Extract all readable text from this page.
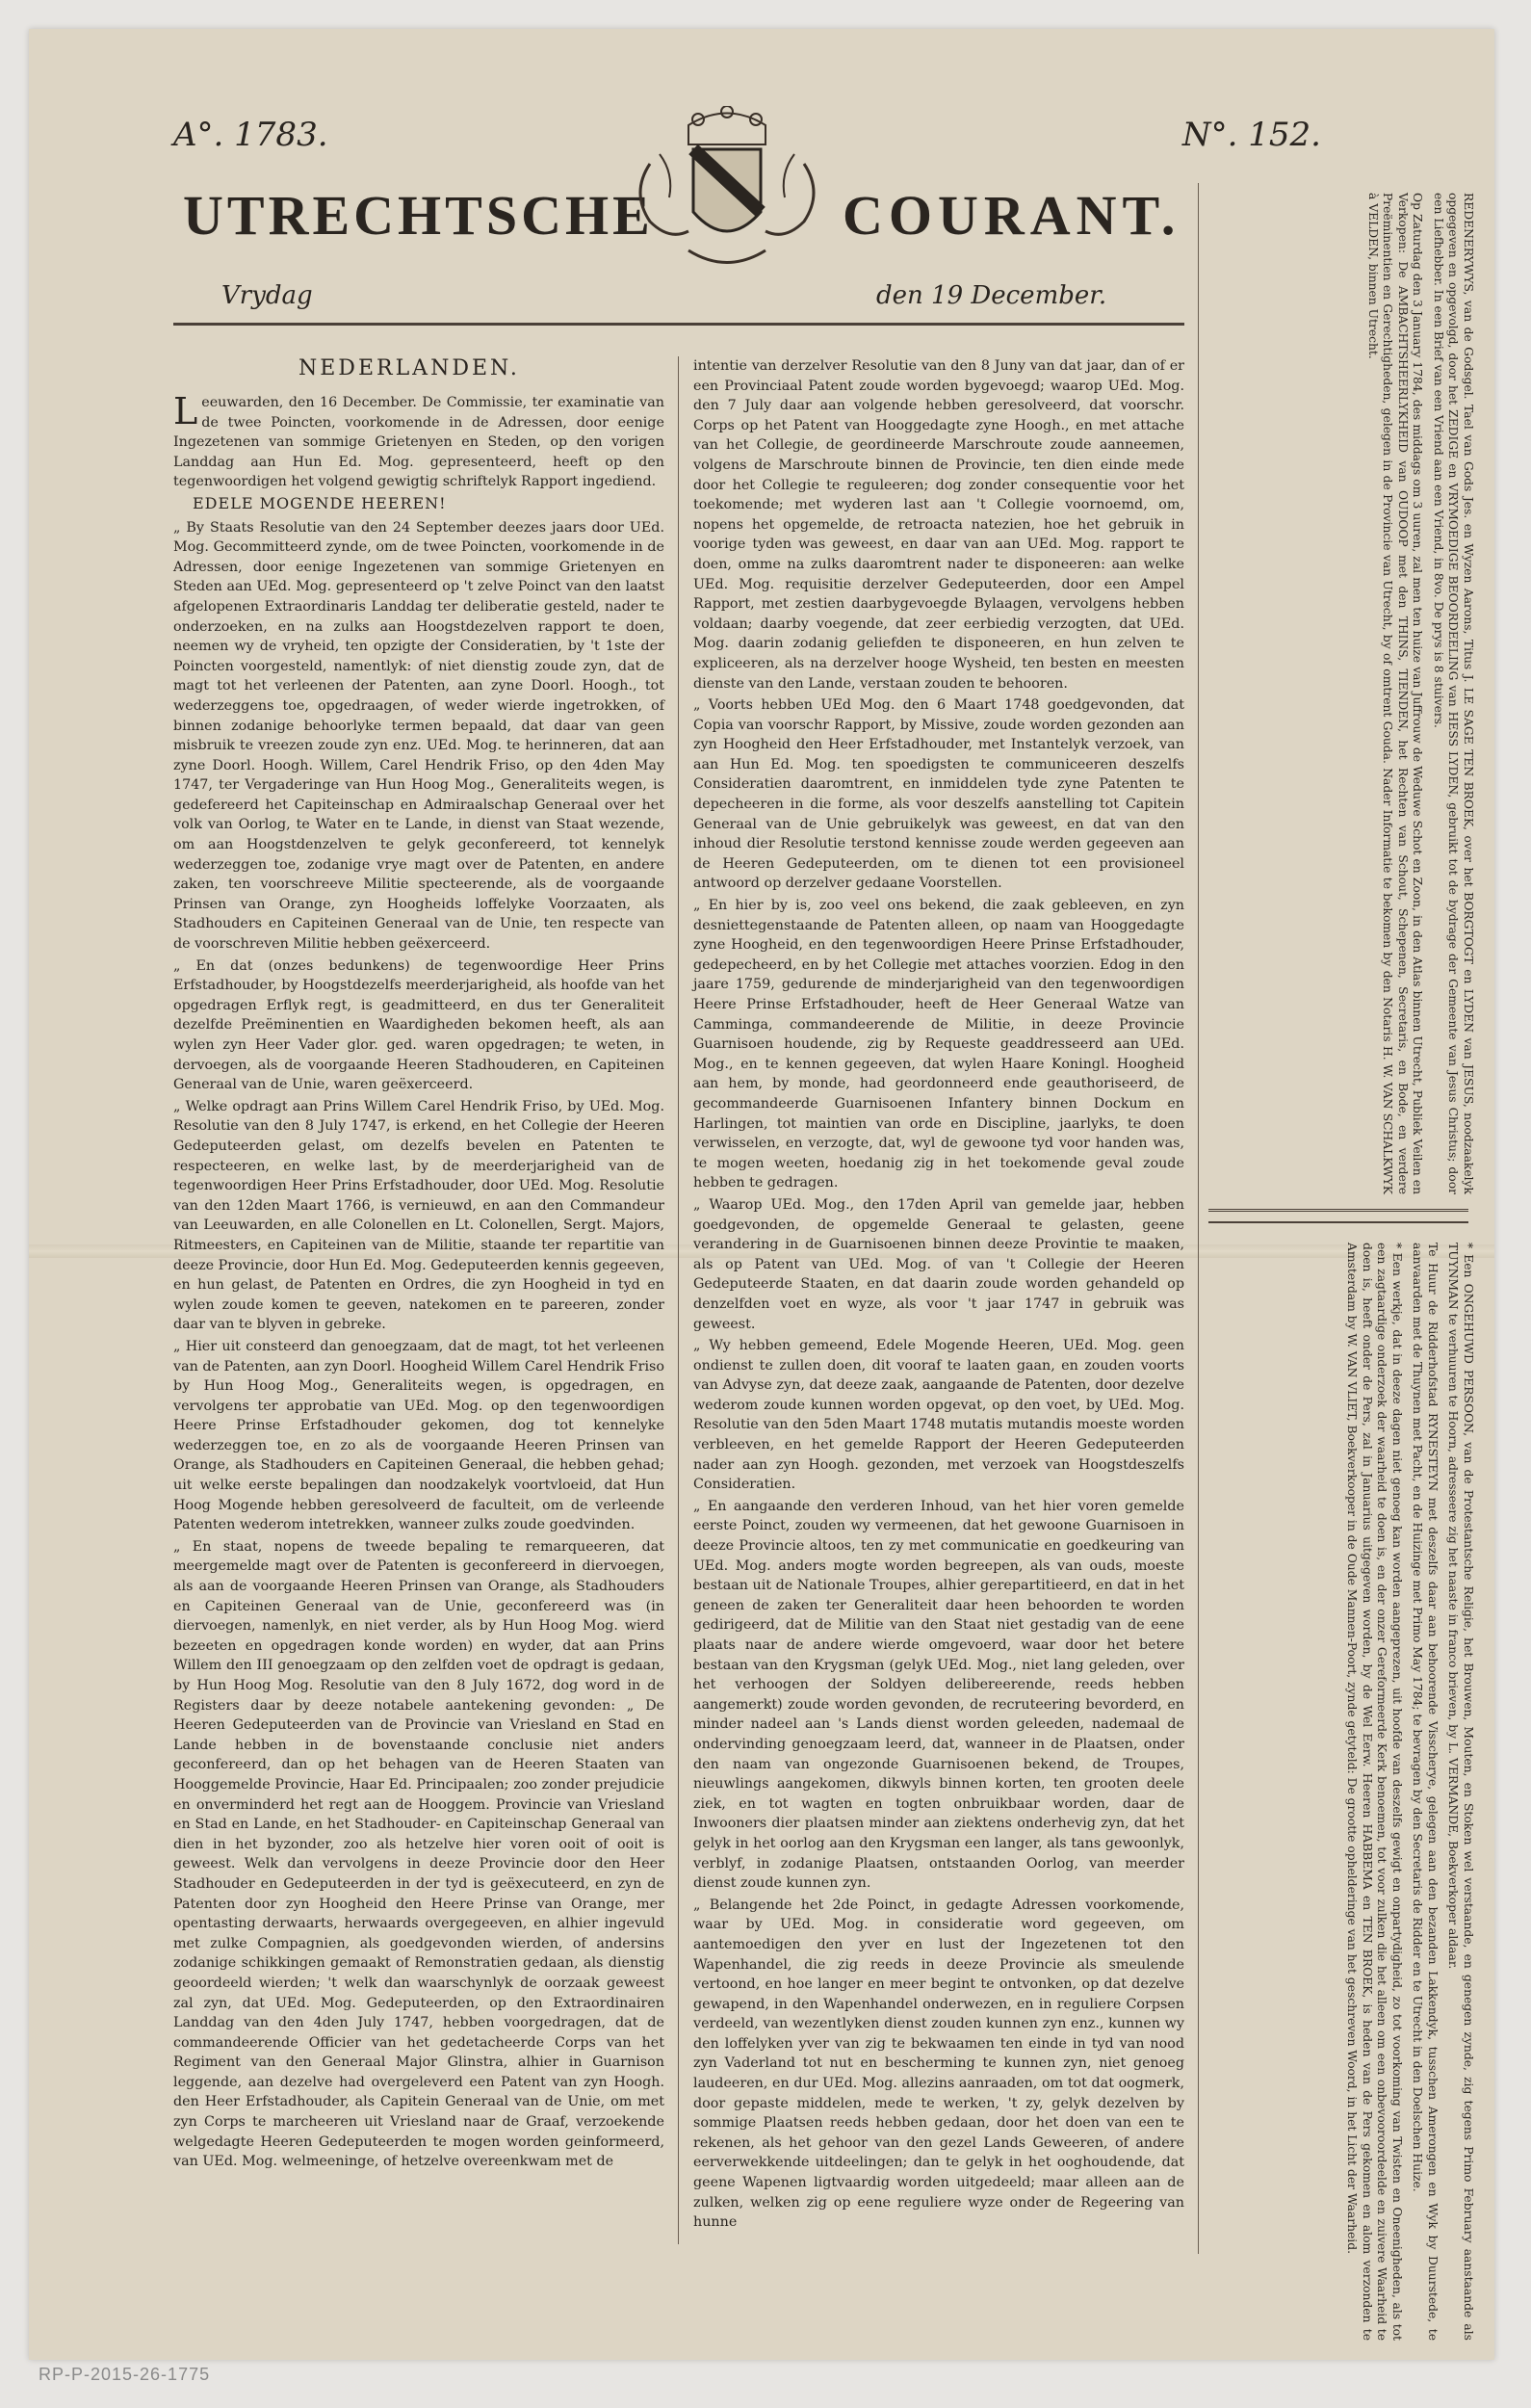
A°. 1783.	N°. 152.
UTRECHTSCHE	COURANT.
Vrydag	den 19 December.
NEDERLANDEN.

Leeuwarden, den 16 December. De Commissie, ter examinatie van de twee Poincten, voorkomende in de Adressen, door eenige Ingezetenen van sommige Grietenyen en Steden, op den vorigen Landdag aan Hun Ed. Mog. gepresenteerd, heeft op den tegenwoordigen het volgend gewigtig schriftelyk Rapport ingediend.

EDELE MOGENDE HEEREN!

„ By Staats Resolutie van den 24 September deezes jaars door UEd. Mog. Gecommitteerd zynde, om de twee Poincten, voorkomende in de Adressen, door eenige Ingezetenen van sommige Grietenyen en Steden aan UEd. Mog. gepresenteerd op 't zelve Poinct van den laatst afgelopenen Extraordinaris Landdag ter deliberatie gesteld, nader te onderzoeken, en na zulks aan Hoogstdezelven rapport te doen, neemen wy de vryheid, ten opzigte der Consideratien, by 't 1ste der Poincten voorgesteld, namentlyk: of niet dienstig zoude zyn, dat de magt tot het verleenen der Patenten, aan zyne Doorl. Hoogh., tot wederzeggens toe, opgedraagen, of weder wierde ingetrokken, of binnen zodanige behoorlyke termen bepaald, dat daar van geen misbruik te vreezen zoude zyn enz. UEd. Mog. te herinneren, dat aan zyne Doorl. Hoogh. Willem, Carel Hendrik Friso, op den 4den May 1747, ter Vergaderinge van Hun Hoog Mog., Generaliteits wegen, is gedefereerd het Capiteinschap en Admiraalschap Generaal over het volk van Oorlog, te Water en te Lande, in dienst van Staat wezende, om aan Hoogstdenzelven te gelyk geconfereerd, tot kennelyk wederzeggen toe, zodanige vrye magt over de Patenten, en andere zaken, ten voorschreeve Militie specteerende, als de voorgaande Prinsen van Orange, zyn Hoogheids loffelyke Voorzaaten, als Stadhouders en Capiteinen Generaal van de Unie, ten respecte van de voorschreven Militie hebben geëxerceerd.

„ En dat (onzes bedunkens) de tegenwoordige Heer Prins Erfstadhouder, by Hoogstdezelfs meerderjarigheid, als hoofde van het opgedragen Erflyk regt, is geadmitteerd, en dus ter Generaliteit dezelfde Preëminentien en Waardigheden bekomen heeft, als aan wylen zyn Heer Vader glor. ged. waren opgedragen; te weten, in dervoegen, als de voorgaande Heeren Stadhouderen, en Capiteinen Generaal van de Unie, waren geëxerceerd.

„ Welke opdragt aan Prins Willem Carel Hendrik Friso, by UEd. Mog. Resolutie van den 8 July 1747, is erkend, en het Collegie der Heeren Gedeputeerden gelast, om dezelfs bevelen en Patenten te respecteeren, en welke last, by de meerderjarigheid van de tegenwoordigen Heer Prins Erfstadhouder, door UEd. Mog. Resolutie van den 12den Maart 1766, is vernieuwd, en aan den Commandeur van Leeuwarden, en alle Colonellen en Lt. Colonellen, Sergt. Majors, Ritmeesters, en Capiteinen van de Militie, staande ter repartitie van deeze Provincie, door Hun Ed. Mog. Gedeputeerden kennis gegeeven, en hun gelast, de Patenten en Ordres, die zyn Hoogheid in tyd en wylen zoude komen te geeven, natekomen en te pareeren, zonder daar van te blyven in gebreke.

„ Hier uit consteerd dan genoegzaam, dat de magt, tot het verleenen van de Patenten, aan zyn Doorl. Hoogheid Willem Carel Hendrik Friso by Hun Hoog Mog., Generaliteits wegen, is opgedragen, en vervolgens ter approbatie van UEd. Mog. op den tegenwoordigen Heere Prinse Erfstadhouder gekomen, dog tot kennelyke wederzeggen toe, en zo als de voorgaande Heeren Prinsen van Orange, als Stadhouders en Capiteinen Generaal, die hebben gehad; uit welke eerste bepalingen dan noodzakelyk voortvloeid, dat Hun Hoog Mogende hebben geresolveerd de faculteit, om de verleende Patenten wederom intetrekken, wanneer zulks zoude goedvinden.

„ En staat, nopens de tweede bepaling te remarqueeren, dat meergemelde magt over de Patenten is geconfereerd in diervoegen, als aan de voorgaande Heeren Prinsen van Orange, als Stadhouders en Capiteinen Generaal van de Unie, geconfereerd was (in diervoegen, namenlyk, en niet verder, als by Hun Hoog Mog. wierd bezeeten en opgedragen konde worden) en wyder, dat aan Prins Willem den III genoegzaam op den zelfden voet de opdragt is gedaan, by Hun Hoog Mog. Resolutie van den 8 July 1672, dog word in de Registers daar by deeze notabele aantekening gevonden: „ De Heeren Gedeputeerden van de Provincie van Vriesland en Stad en Lande hebben in de bovenstaande conclusie niet anders geconfereerd, dan op het behagen van de Heeren Staaten van Hooggemelde Provincie, Haar Ed. Principaalen; zoo zonder prejudicie en onverminderd het regt aan de Hooggem. Provincie van Vriesland en Stad en Lande, en het Stadhouder- en Capiteinschap Generaal van dien in het byzonder, zoo als hetzelve hier voren ooit of ooit is geweest. Welk dan vervolgens in deeze Provincie door den Heer Stadhouder en Gedeputeerden in der tyd is geëxecuteerd, en zyn de Patenten door zyn Hoogheid den Heere Prinse van Orange, mer opentasting derwaarts, herwaards overgegeeven, en alhier ingevuld met zulke Compagnien, als goedgevonden wierden, of andersins zodanige schikkingen gemaakt of Remonstratien gedaan, als dienstig geoordeeld wierden; 't welk dan waarschynlyk de oorzaak geweest zal zyn, dat UEd. Mog. Gedeputeerden, op den Extraordinairen Landdag van den 4den July 1747, hebben voorgedragen, dat de commandeerende Officier van het gedetacheerde Corps van het Regiment van den Generaal Major Glinstra, alhier in Guarnison leggende, aan dezelve had overgeleverd een Patent van zyn Hoogh. den Heer Erfstadhouder, als Capitein Generaal van de Unie, om met zyn Corps te marcheeren uit Vriesland naar de Graaf, verzoekende welgedagte Heeren Gedeputeerden te mogen worden geinformeerd, van UEd. Mog. welmeeninge, of hetzelve overeenkwam met de

intentie van derzelver Resolutie van den 8 Juny van dat jaar, dan of er een Provinciaal Patent zoude worden bygevoegd; waarop UEd. Mog. den 7 July daar aan volgende hebben geresolveerd, dat voorschr. Corps op het Patent van Hooggedagte zyne Hoogh., en met attache van het Collegie, de geordineerde Marschroute zoude aanneemen, volgens de Marschroute binnen de Provincie, ten dien einde mede door het Collegie te reguleeren; dog zonder consequentie voor het toekomende; met wyderen last aan 't Collegie voornoemd, om, nopens het opgemelde, de retroacta natezien, hoe het gebruik in voorige tyden was geweest, en daar van aan UEd. Mog. rapport te doen, omme na zulks daaromtrent nader te disponeeren: aan welke UEd. Mog. requisitie derzelver Gedeputeerden, door een Ampel Rapport, met zestien daarbygevoegde Bylaagen, vervolgens hebben voldaan; daarby voegende, dat zeer eerbiedig verzogten, dat UEd. Mog. daarin zodanig geliefden te disponeeren, en hun zelven te expliceeren, als na derzelver hooge Wysheid, ten besten en meesten dienste van den Lande, verstaan zouden te behooren.

„ Voorts hebben UEd Mog. den 6 Maart 1748 goedgevonden, dat Copia van voorschr Rapport, by Missive, zoude worden gezonden aan zyn Hoogheid den Heer Erfstadhouder, met Instantelyk verzoek, van aan Hun Ed. Mog. ten spoedigsten te communiceeren deszelfs Consideratien daaromtrent, en inmiddelen tyde zyne Patenten te depecheeren in die forme, als voor deszelfs aanstelling tot Capitein Generaal van de Unie gebruikelyk was geweest, en dat van den inhoud dier Resolutie terstond kennisse zoude werden gegeeven aan de Heeren Gedeputeerden, om te dienen tot een provisioneel antwoord op derzelver gedaane Voorstellen.

„ En hier by is, zoo veel ons bekend, die zaak gebleeven, en zyn desniettegenstaande de Patenten alleen, op naam van Hooggedagte zyne Hoogheid, en den tegenwoordigen Heere Prinse Erfstadhouder, gedepecheerd, en by het Collegie met attaches voorzien. Edog in den jaare 1759, gedurende de minderjarigheid van den tegenwoordigen Heere Prinse Erfstadhouder, heeft de Heer Generaal Watze van Camminga, commandeerende de Militie, in deeze Provincie Guarnisoen houdende, zig by Requeste geaddresseerd aan UEd. Mog., en te kennen gegeeven, dat wylen Haare Koningl. Hoogheid aan hem, by monde, had geordonneerd ende geauthoriseerd, de gecommandeerde Guarnisoenen Infantery binnen Dockum en Harlingen, tot maintien van orde en Discipline, jaarlyks, te doen verwisselen, en verzogte, dat, wyl de gewoone tyd voor handen was, te mogen weeten, hoedanig zig in het toekomende geval zoude hebben te gedragen.

„ Waarop UEd. Mog., den 17den April van gemelde jaar, hebben goedgevonden, de opgemelde Generaal te gelasten, geene verandering in de Guarnisoenen binnen deeze Provintie te maaken, als op Patent van UEd. Mog. of van 't Collegie der Heeren Gedeputeerde Staaten, en dat daarin zoude worden gehandeld op denzelfden voet en wyze, als voor 't jaar 1747 in gebruik was geweest.

„ Wy hebben gemeend, Edele Mogende Heeren, UEd. Mog. geen ondienst te zullen doen, dit vooraf te laaten gaan, en zouden voorts van Advyse zyn, dat deeze zaak, aangaande de Patenten, door dezelve wederom zoude kunnen worden opgevat, op den voet, by UEd. Mog. Resolutie van den 5den Maart 1748 mutatis mutandis moeste worden verbleeven, en het gemelde Rapport der Heeren Gedeputeerden nader aan zyn Hoogh. gezonden, met verzoek van Hoogstdeszelfs Consideratien.

„ En aangaande den verderen Inhoud, van het hier voren gemelde eerste Poinct, zouden wy vermeenen, dat het gewoone Guarnisoen in deeze Provincie altoos, ten zy met communicatie en goedkeuring van UEd. Mog. anders mogte worden begreepen, als van ouds, moeste bestaan uit de Nationale Troupes, alhier gerepartitieerd, en dat in het geneen de zaken ter Generaliteit daar heen behoorden te worden gedirigeerd, dat de Militie van den Staat niet gestadig van de eene plaats naar de andere wierde omgevoerd, waar door het betere bestaan van den Krygsman (gelyk UEd. Mog., niet lang geleden, over het verhoogen der Soldyen delibereerende, reeds hebben aangemerkt) zoude worden gevonden, de recruteering bevorderd, en minder nadeel aan 's Lands dienst worden geleeden, nademaal de ondervinding genoegzaam leerd, dat, wanneer in de Plaatsen, onder den naam van ongezonde Guarnisoenen bekend, de Troupes, nieuwlings aangekomen, dikwyls binnen korten, ten grooten deele ziek, en tot wagten en togten onbruikbaar worden, daar de Inwooners dier plaatsen minder aan ziektens onderhevig zyn, dat het gelyk in het oorlog aan den Krygsman een langer, als tans gewoonlyk, verblyf, in zodanige Plaatsen, ontstaanden Oorlog, van meerder dienst zoude kunnen zyn.

„ Belangende het 2de Poinct, in gedagte Adressen voorkomende, waar by UEd. Mog. in consideratie word gegeeven, om aantemoedigen den yver en lust der Ingezetenen tot den Wapenhandel, die zig reeds in deeze Provincie als smeulende vertoond, en hoe langer en meer begint te ontvonken, op dat dezelve gewapend, in den Wapenhandel onderwezen, en in reguliere Corpsen verdeeld, van wezentlyken dienst zouden kunnen zyn enz., kunnen wy den loffelyken yver van zig te bekwaamen ten einde in tyd van nood zyn Vaderland tot nut en bescherming te kunnen zyn, niet genoeg laudeeren, en dur UEd. Mog. allezins aanraaden, om tot dat oogmerk, door gepaste middelen, mede te werken, 't zy, gelyk dezelven by sommige Plaatsen reeds hebben gedaan, door het doen van een te rekenen, als het gehoor van den gezel Lands Geweeren, of andere eerverwekkende uitdeelingen; dan te gelyk in het ooghoudende, dat geene Wapenen ligtvaardig worden uitgedeeld; maar alleen aan de zulken, welken zig op eene reguliere wyze onder de Regeering van hunne

REDENERYWYS, van de Godsgel. Tael van Gods Jes. en Wyzen Aarons, Titus J. LE SAGE TEN BROEK, over het BORGTOGT en LYDEN van JESUS, noodzaakelyk opgegeven en opgevolgd, door het ZEDIGE en VRYMOEDIGE BEOORDEELING van HESS LYDEN, gebruikt tot de bydrage der Gemeente van Jesus Christus; door een Liefhebber. In een Brief van een Vriend aan een Vriend, in 8vo. De prys is 8 stuivers.

Op Zaturdag den 3 January 1784, des middags om 3 uuren, zal men ten huize van Juffrouw de Weduwe Schot en Zoon, in den Atlas binnen Utrecht, Publiek Veilen en Verkopen: De AMBACHTSHEERLYKHEID van OUDOOP met den THINS, TIENDEN, het Rechten van Schout, Schepenen, Secretaris, en Bode, en verdere Preëminentien en Gerechtigheden, gelegen in de Provincie van Utrecht, by of omtrent Gouda. Nader Informatie te bekomen by den Notaris H. W. VAN SCHALKWYK à VELDEN, binnen Utrecht.

* Een ONGEHUWD PERSOON, van de Protestantsche Religie, het Brouwen, Mouten, en Stoken wel verstaande, en genegen zynde, zig tegens Primo February aanstaande als TUYNMAN te verhuuren te Hoorn, adresseere zig het naaste in franco brieven, by L. VERMANDE, Boekverkoper aldaar.

Te Huur de Ridderhofstad RYNESTEYN met deszelfs daar aan behoorende Visscherye, gelegen aan den bezanden Lakkendyk, tusschen Amerongen en Wyk by Duurstede, te aanvaarden met de Thuynen met Pacht, en de Huizinge met Primo May 1784; te bevragen by den Secretaris de Ridder en te Utrecht in den Doelschen Huize.

* Een werkje, dat in deeze dagen niet genoeg kan worden aangeprezen, uit hoofde van deszelfs gewigt en onpartydigheid, zo tot voorkoming van Twisten en Oneenigheden, als tot een zagtaardige onderzoek der waarheid te doen is, en der onzer Gereformeerde Kerk benoemen, tot voor zulken die het alleen om een onbevooroordeelde en zuivere Waarheid te doen is, heeft onder de Pers, zal in Januarius uitgegeven worden, by de Wel Eerw. Heeren HABBEMA en TEN BROEK, is heden van de Pers gekomen en alom verzonden te Amsterdam by W. VAN VLIET, Boekverkooper in de Oude Mannen-Poort, zynde getyteld: De grootte ophelderinge van het geschreven Woord, in het Licht der Waarheid.

RP-P-2015-26-1775
